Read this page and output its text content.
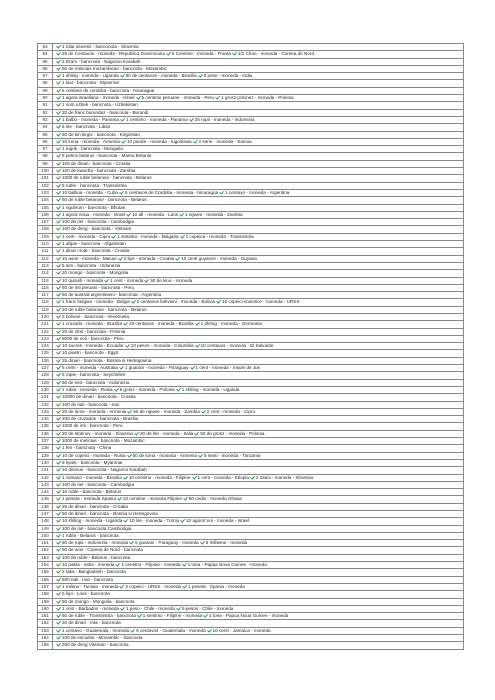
83	1 tolar slovenii - banconota - Slovenia
84	25 de Centavos - moneda - Republica Dominicana 5 Centime - moneda - Franta 1/2 Chon - moneda - Coreea de Nord
85	2 Dram - bancnota - Nagorno Karabah
86	50 de meticais mozambican - bancnota - Mozambic
87	1 shling - moneda - Uganda 50 de centavos - moneda - Brazilia 5 pese - moneda - India
88	1 kiat - bancnota - Myanmar
89	5 centime de cordoba - bancnota - Nicaragua
90	1 agora israeliana - moneda - Israel 5 centime peruane - moneda - Peru 1 grosz polonez - moneda - Polonia
91	1 som uzbek - bancnota - Uzbekistan
92	20 de franc burundez - bancnota - Burundi
93	1 balbo - moneda - Panama 1 centimo - moneda - Panama 25 rupii - moneda - Indonezia
94	5 lire - bancnota - Liban
95	50 de tiin kirgiz - bancnota - Kirgizstan
96	10 luma - moneda - Armenia 10 parale - moneda - Iugoslavia 2 sene - moneda - Samoa
97	1 tugrik - bancnota - Mongolia
98	5 petice belarus - bancnota - Marea Britanie
99	100 de dinari - bancnota - Croatia
100	100 de kwacha - bancnota - Zambia
101	1000 de ruble belaruse - bancnota - Belarus
102	5 ruble - bancnota - Transnistria
103	10 balboa - moneda - Cuba 5 centavos de Cordoba - moneda - Nicaragua 1 centavo - moneda - Argentina
104	50 de ruble belaruse - bancnota - Belarus
105	1 ngultrum - bancnota - Bhutan
106	1 agora noua - moneda - Israel 10 afi - moneda - Laos 1 ngwee - moneda - Zambia
107	100 de riel - bancnota - Cambodgia
108	100 de dong - bancnota - Vietnam
109	1 cent - moneda - Cipru 1 stotinka - moneda - Bulgaria 1 copeica - moneda - Transnistria
110	1 afgan - bancnota - Afganistan
111	1 dinar croat - bancnota - Croatia
112	10 avos - moneda - Macao 2 lipe - moneda - Croatia 10 centi guyanez - moneda - Guyana
113	5 sen - bancnota - Indonezia
114	20 mongo - bancnota - Mongolia
115	10 qurush - moneda 1 cent - moneda 50 de kina - moneda
116	50 de inti peruani - bancnota - Peru
117	50 de australi argentinieni - bancnota - Argentina
118	1 franc belgian - moneda - Belgia 2 centavos bolivieni - moneda - Bolivia 10 copeici sovietice - moneda - URSS
119	20 de ruble belaruse - bancnota - Belarus
120	2 bolivari - bancnota - Venezuela
121	1 cruzado - moneda - Brazilia 20 centavos - moneda - Brazilia 1 pfenig - moneda - Germania
122	20 de zloti - bancnota - Polonia
123	5000 de soli - bancnota - Peru
124	10 sucres - moneda - Ecuador 10 pesos - moneda - Columbia 10 centavos - moneda - El Salvador
125	10 piastri - bancnota - Egipt
126	25 dinari - bancnota - Bosnia si Hertegovina
127	5 centi - moneda - Australia 1 guarani - moneda - Paraguay 1 cent - moneda - Insule de Jos
128	5 rupie - bancnota - Seychelles
129	50 de sen - bancnota - Indonezia
130	1 rubla - moneda - Rusia 5 grosz - moneda - Polonia 1 shiling - moneda - Uganda
131	10000 de dinari - bancnota - Croatia
132	100 de riali - bancnota - Iran
133	20 de luma - moneda - Armenia 50 de ngwee - moneda - Zambia 2 cent - moneda - Cipru
134	200 de cruzados - bancnota - Brazilia
135	1000 de inti - bancnota - Peru
136	20 de stotinov - moneda - Slovenia 20 de lire - moneda - Italia 50 de grosz - moneda - Polonia
137	1000 de meticais - bancnota - Mozambic
138	1 fen - bancnota - China
139	10 de copeici - moneda - Rusia 50 de luma - moneda - Armenia 5 senti - moneda - Tanzania
140	5 kyats - bancnota - Myanmar
141	10 dinmuri - bancnota - Nagorno Karabah
142	1 centavo - moneda - Brazilia 10 centimo - moneda - Filipine 1 cent - moneda - Etiopia 2 tolarii - moneda - Slovenia
143	100 de riel - bancnota - Cambodgia
144	10 ruble - bancnota - Belarus
145	1 peseta - moneda Spania 10 centime - moneda Filipine 50 cedis - moneda Ghana
146	25 de dinari - bancnota - Croatia
147	50 de dinari - bancnota - Bosnia si Hertegovina
148	10 shiling - moneda - Uganda 10 lire - moneda - Turcia 10 agorot noi - moneda - Israel
149	100 de riel - bancnota Cambodgia
150	1 rubla - Belarus - bancnota
151	50 de rupii - Indonezia - moneda 5 guarani - Paraguay - moneda 5 millieme - moneda
152	50 de won - Coreea de Nord - bancnota
153	100 de ruble - Belarus - bancnota
154	10 pakta - India - moneda 1 centimo - Filipine - moneda 1 toea - Papua Noua Guinee - moneda
155	2 taka - Bangladesh - bancnota
156	500 riali - Iran - bancnota
157	1 milima - Tunisia - moneda 2 copeici - URSS - moneda 1 peseta - Spania - moneda
158	5 kipi - Laos - bancnota
159	50 de mongo - Mongolia - bancnota
160	1 cent - Barbados - moneda 1 peso - Chile - moneda 5 pesos - Chile - moneda
161	50 de ruble - Transnistria - bancnota 1 sentimo - Filipine - moneda 1 toea - Papua Noua Guinee - moneda
162	20 de dinari - Irak - bancnota
163	1 centavo - Guatemala - moneda 5 centavos - Guatemala - moneda 10 centi - Jamaica - moneda
164	100 de escudos - Mozambic - bancnota
165	200 de dong Vietnam - bancnota
